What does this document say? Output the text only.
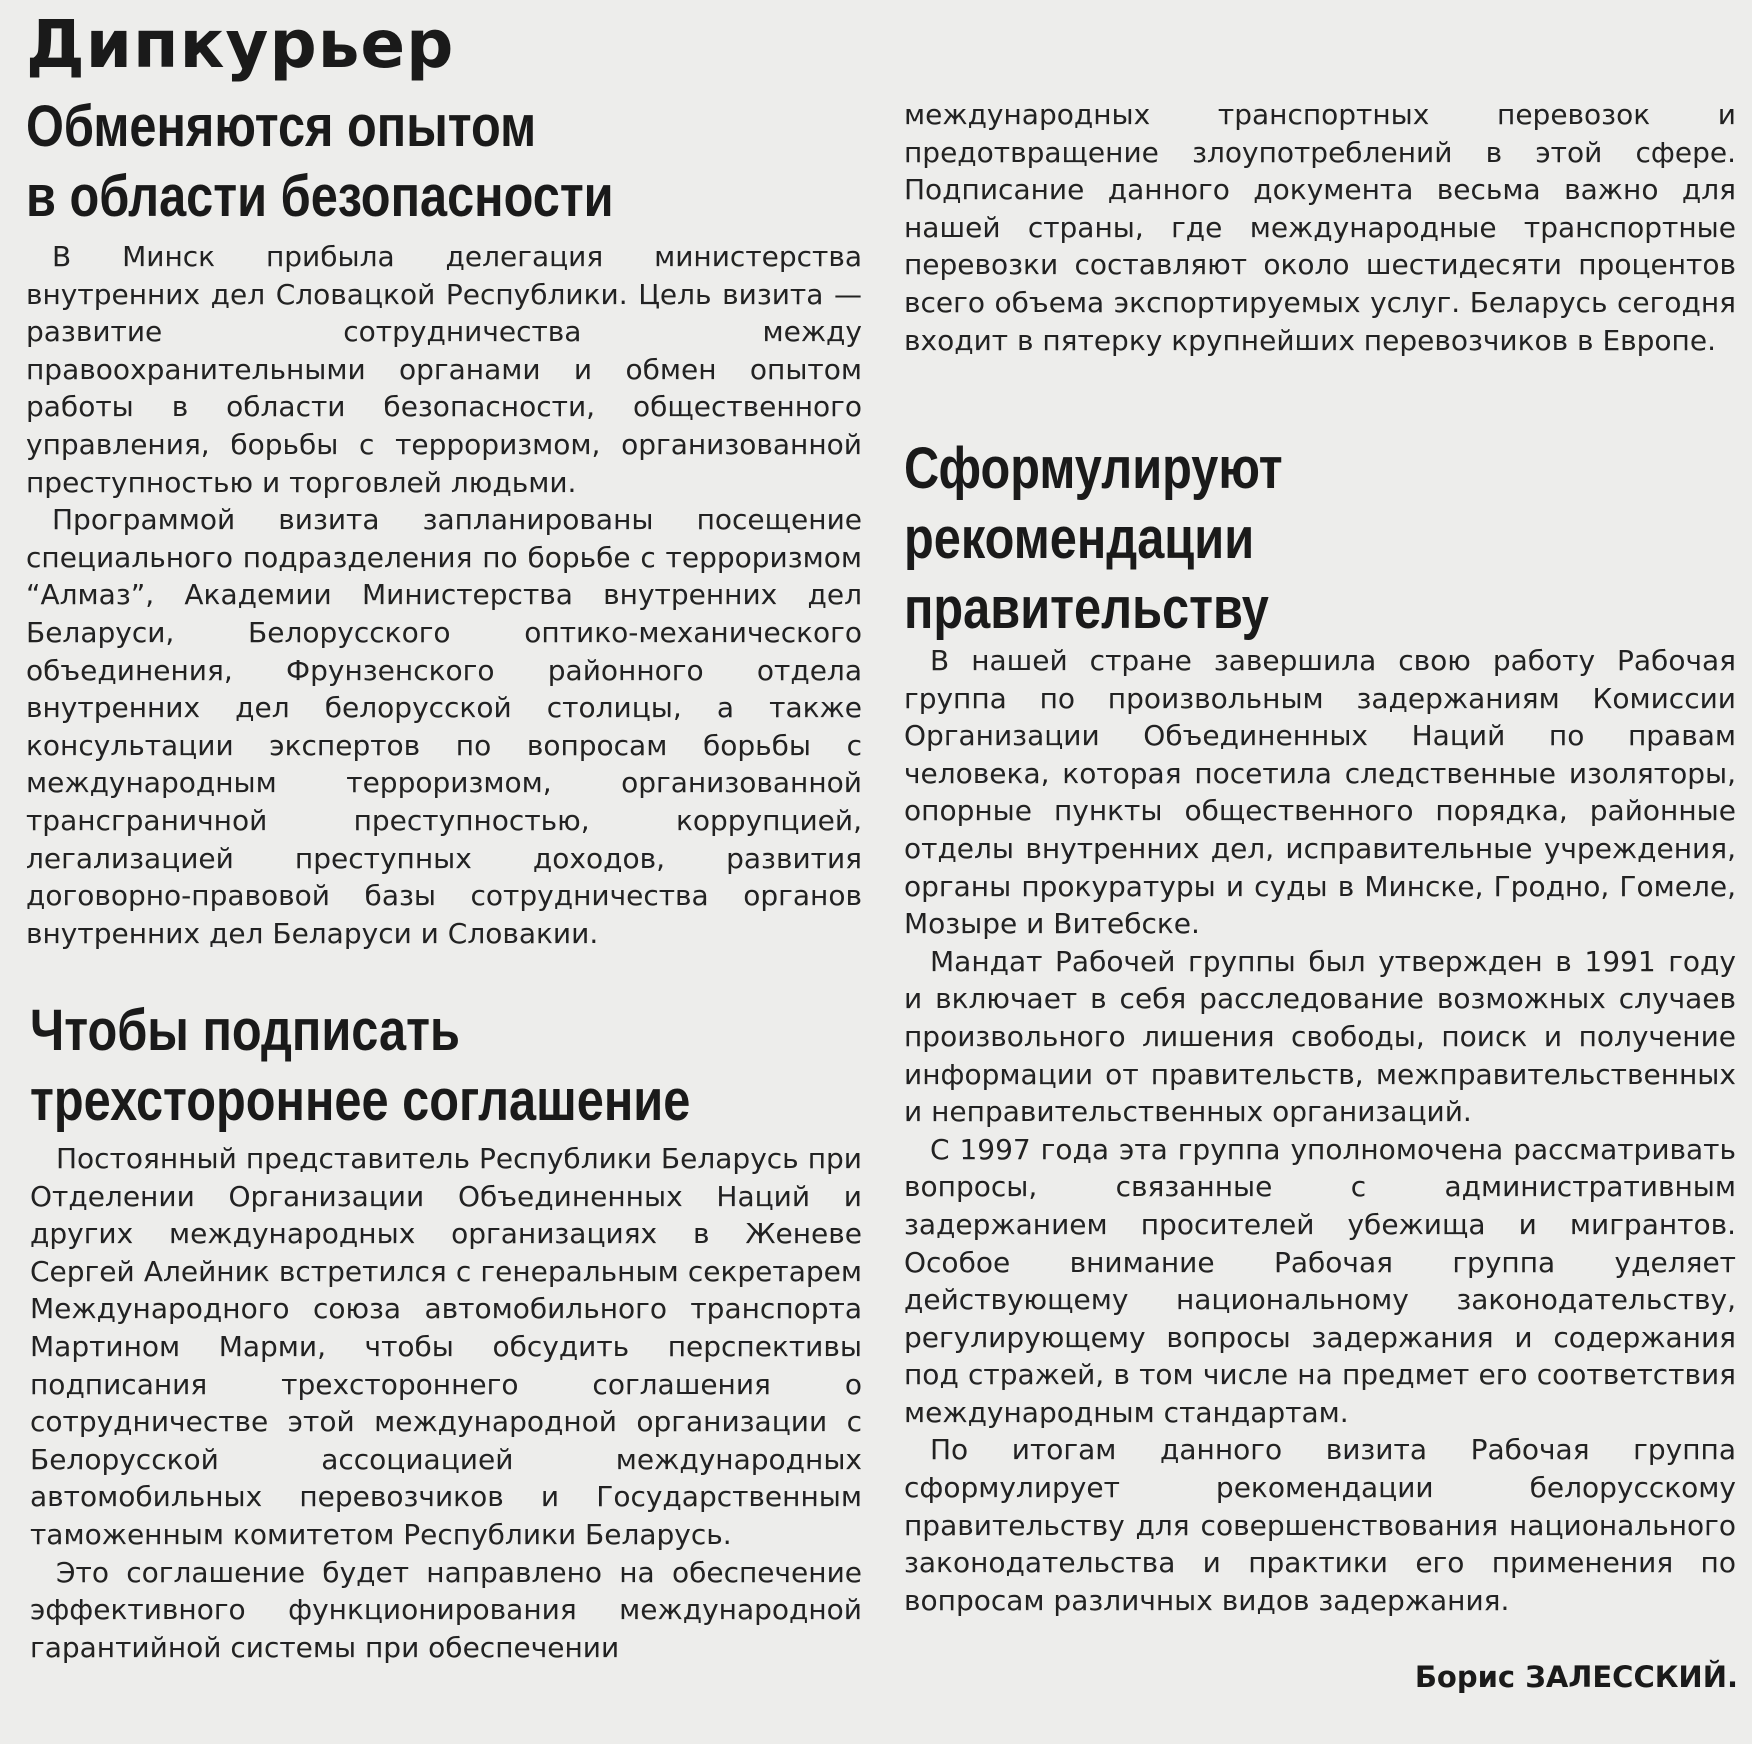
Дипкурьер
Обменяются опытом
в области безопасности

В Минск прибыла делегация министерства внутренних дел Словацкой Республики. Цель визита — развитие сотрудничества между правоохранительными органами и обмен опытом работы в области безопасности, общественного управления, борьбы с терроризмом, организованной преступностью и торговлей людьми.

Программой визита запланированы посещение специального подразделения по борьбе с терроризмом “Алмаз”, Академии Министерства внутренних дел Беларуси, Белорусского оптико-механического объединения, Фрунзенского районного отдела внутренних дел белорусской столицы, а также консультации экспертов по вопросам борьбы с международным терроризмом, организованной трансграничной преступностью, коррупцией, легализацией преступных доходов, развития договорно-правовой базы сотрудничества органов внутренних дел Беларуси и Словакии.

Чтобы подписать
трехстороннее соглашение

Постоянный представитель Республики Беларусь при Отделении Организации Объединенных Наций и других международных организациях в Женеве Сергей Алейник встретился с генеральным секретарем Международного союза автомобильного транспорта Мартином Марми, чтобы обсудить перспективы подписания трехстороннего соглашения о сотрудничестве этой международной организации с Белорусской ассоциацией международных автомобильных перевозчиков и Государственным таможенным комитетом Республики Беларусь.

Это соглашение будет направлено на обеспечение эффективного функционирования международной гарантийной системы при обеспечении

международных транспортных перевозок и предотвращение злоупотреблений в этой сфере. Подписание данного документа весьма важно для нашей страны, где международные транспортные перевозки составляют около шестидесяти процентов всего объема экспортируемых услуг. Беларусь сегодня входит в пятерку крупнейших перевозчиков в Европе.

Сформулируют
рекомендации
правительству

В нашей стране завершила свою работу Рабочая группа по произвольным задержаниям Комиссии Организации Объединенных Наций по правам человека, которая посетила следственные изоляторы, опорные пункты общественного порядка, районные отделы внутренних дел, исправительные учреждения, органы прокуратуры и суды в Минске, Гродно, Гомеле, Мозыре и Витебске.

Мандат Рабочей группы был утвержден в 1991 году и включает в себя расследование возможных случаев произвольного лишения свободы, поиск и получение информации от правительств, межправительственных и неправительственных организаций.

С 1997 года эта группа уполномочена рассматривать вопросы, связанные с административным задержанием просителей убежища и мигрантов. Особое внимание Рабочая группа уделяет действующему национальному законодательству, регулирующему вопросы задержания и содержания под стражей, в том числе на предмет его соответствия международным стандартам.

По итогам данного визита Рабочая группа сформулирует рекомендации белорусскому правительству для совершенствования национального законодательства и практики его применения по вопросам различных видов задержания.

Борис ЗАЛЕССКИЙ.
